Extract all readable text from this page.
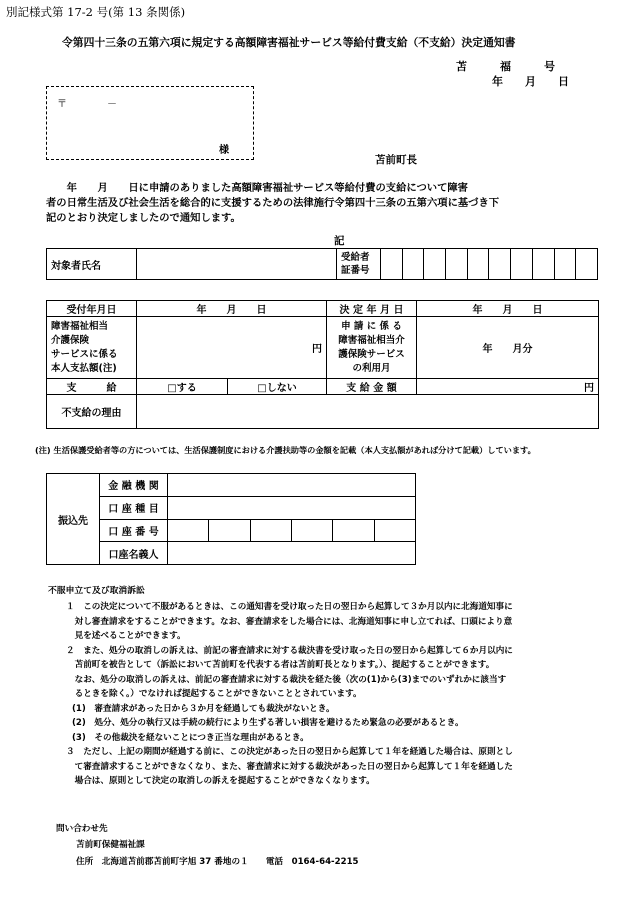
別記様式第 17-2 号(第 13 条関係)
令第四十三条の五第六項に規定する高額障害福祉サービス等給付費支給（不支給）決定通知書
苫　　　福　　　号
年　　月　　日
〒　　　　－
様
苫前町長
　　年　　月　　日に申請のありました高額障害福祉サービス等給付費の支給について障害
者の日常生活及び社会生活を総合的に支援するための法律施行令第四十三条の五第六項に基づき下
記のとおり決定しましたので通知します。
記
対象者氏名		受給者
証番号										
受付年月日	年　　月　　日		決 定 年 月 日	年　　月　　日
障害福祉相当
介護保険
サービスに係る
本人支払額(注)	円		申 請 に 係 る
障害福祉相当介
護保険サービス
の利用月	年　　月分
支　　　給	□する	□しない	支 給 金 額	円
不支給の理由				
(注) 生活保護受給者等の方については、生活保護制度における介護扶助等の金額を記載（本人支払額があれば分けて記載）しています。
振込先	金 融 機 関						
	口 座 種 目						
	口 座 番 号						
	口座名義人						
不服申立て及び取消訴訟
１　この決定について不服があるときは、この通知書を受け取った日の翌日から起算して３か月以内に北海道知事に
　対し審査請求をすることができます。なお、審査請求をした場合には、北海道知事に申し立てれば、口頭により意
　見を述べることができます。
２　また、処分の取消しの訴えは、前記の審査請求に対する裁決書を受け取った日の翌日から起算して６か月以内に
　苫前町を被告として（訴訟において苫前町を代表する者は苫前町長となります。）、提起することができます。
　なお、処分の取消しの訴えは、前記の審査請求に対する裁決を経た後（次の(1)から(3)までのいずれかに該当す
　るときを除く。）でなければ提起することができないこととされています。
(1)　審査請求があった日から３か月を経過しても裁決がないとき。
(2)　処分、処分の執行又は手続の続行により生ずる著しい損害を避けるため緊急の必要があるとき。
(3)　その他裁決を経ないことにつき正当な理由があるとき。
３　ただし、上記の期間が経過する前に、この決定があった日の翌日から起算して１年を経過した場合は、原則とし
　て審査請求することができなくなり、また、審査請求に対する裁決があった日の翌日から起算して１年を経過した
　場合は、原則として決定の取消しの訴えを提起することができなくなります。
問い合わせ先
苫前町保健福祉課
住所　北海道苫前郡苫前町字旭 37 番地の１　　電話　0164-64-2215
